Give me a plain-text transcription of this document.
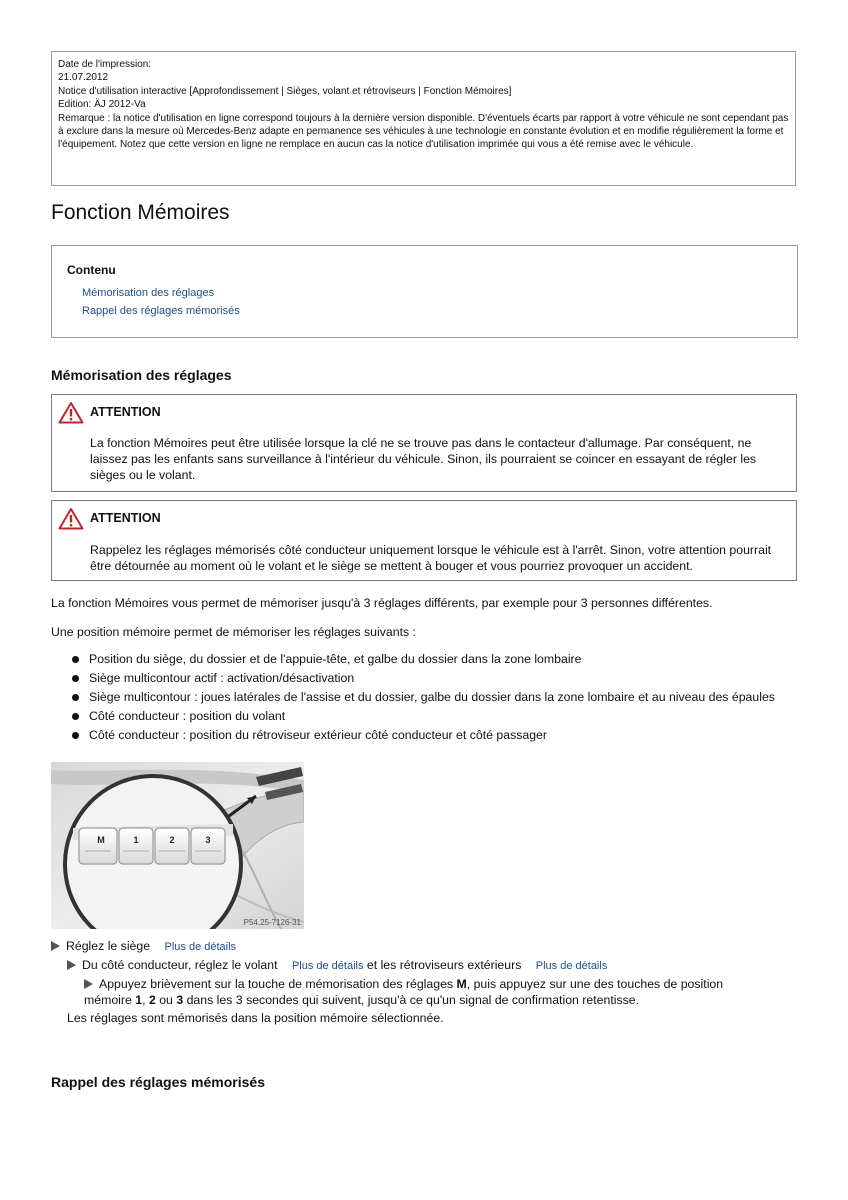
Date de l'impression:
21.07.2012
Notice d'utilisation interactive [Approfondissement | Sièges, volant et rétroviseurs | Fonction Mémoires]
Edition: ÄJ 2012-Va
Remarque : la notice d'utilisation en ligne correspond toujours à la dernière version disponible. D'éventuels écarts par rapport à votre véhicule ne sont cependant pas à exclure dans la mesure où Mercedes-Benz adapte en permanence ses véhicules à une technologie en constante évolution et en modifie régulièrement la forme et l'équipement. Notez que cette version en ligne ne remplace en aucun cas la notice d'utilisation imprimée qui vous a été remise avec le véhicule.
Fonction Mémoires
Contenu
Mémorisation des réglages
Rappel des réglages mémorisés
Mémorisation des réglages
ATTENTION
La fonction Mémoires peut être utilisée lorsque la clé ne se trouve pas dans le contacteur d'allumage. Par conséquent, ne laissez pas les enfants sans surveillance à l'intérieur du véhicule. Sinon, ils pourraient se coincer en essayant de régler les sièges ou le volant.
ATTENTION
Rappelez les réglages mémorisés côté conducteur uniquement lorsque le véhicule est à l'arrêt. Sinon, votre attention pourrait être détournée au moment où le volant et le siège se mettent à bouger et vous pourriez provoquer un accident.
La fonction Mémoires vous permet de mémoriser jusqu'à 3 réglages différents, par exemple pour 3 personnes différentes.
Une position mémoire permet de mémoriser les réglages suivants :
Position du siège, du dossier et de l'appuie-tête, et galbe du dossier dans la zone lombaire
Siège multicontour actif : activation/désactivation
Siège multicontour : joues latérales de l'assise et du dossier, galbe du dossier dans la zone lombaire et au niveau des épaules
Côté conducteur : position du volant
Côté conducteur : position du rétroviseur extérieur côté conducteur et côté passager
M	1	2	3
P54.25-7126-31
Réglez le siège Plus de détails
Du côté conducteur, réglez le volant Plus de détails et les rétroviseurs extérieurs Plus de détails
Appuyez brièvement sur la touche de mémorisation des réglages M, puis appuyez sur une des touches de position mémoire 1, 2 ou 3 dans les 3 secondes qui suivent, jusqu'à ce qu'un signal de confirmation retentisse.
Les réglages sont mémorisés dans la position mémoire sélectionnée.
Rappel des réglages mémorisés
